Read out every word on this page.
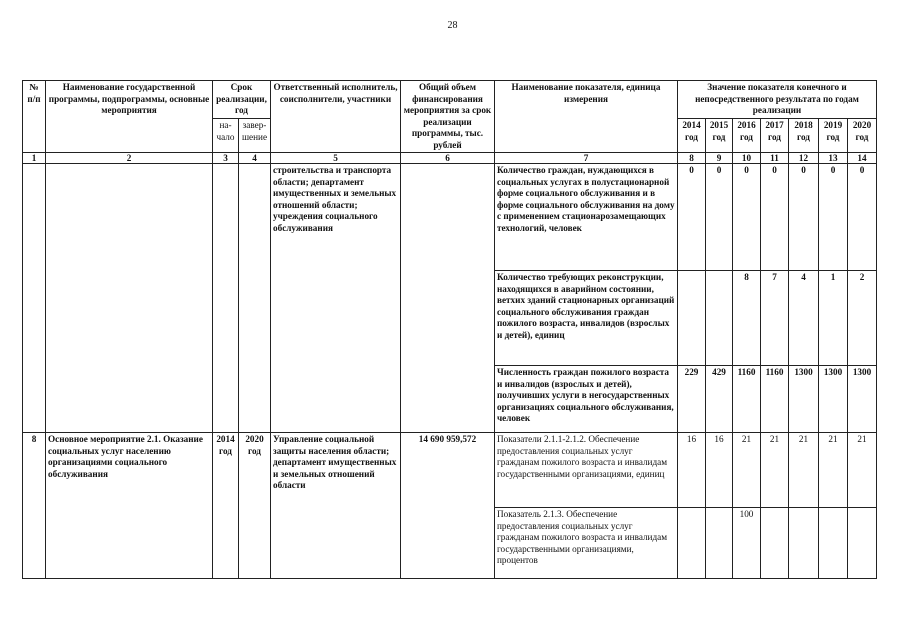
28
№ п/п	Наименование государственной программы, подпрограммы, основные мероприятия	Срок реализации, год		Ответственный исполнитель, соисполнители, участники	Общий объем финансирования мероприятия за срок реализации программы, тыс. рублей	Наименование показателя, единица измерения	Значение показателя конечного и непосредственного результата по годам реализации						
		на-чало	завер-шение				2014 год	2015 год	2016 год	2017 год	2018 год	2019 год	2020 год
1	2	3	4	5	6	7	8	9	10	11	12	13	14
				строительства и транспорта области; департамент имущественных и земельных отношений области; учреждения социального обслуживания		Количество граждан, нуждающихся в социальных услугах в полустационарной форме социального обслуживания и в форме социального обслуживания на дому с применением стационарозамещающих технологий, человек	0	0	0	0	0	0	0
						Количество требующих реконструкции, находящихся в аварийном состоянии, ветхих зданий стационарных организаций социального обслуживания граждан пожилого возраста, инвалидов (взрослых и детей), единиц			8	7	4	1	2
						Численность граждан пожилого возраста и инвалидов (взрослых и детей), получивших услуги в негосударственных организациях социального обслуживания, человек	229	429	1160	1160	1300	1300	1300
8	Основное мероприятие 2.1. Оказание социальных услуг населению организациями социального обслуживания	2014 год	2020 год	Управление социальной защиты населения области; департамент имущественных и земельных отношений области	14 690 959,572	Показатели 2.1.1-2.1.2. Обеспечение предоставления социальных услуг гражданам пожилого возраста и инвалидам государственными организациями, единиц	16	16	21	21	21	21	21
						Показатель 2.1.3. Обеспечение предоставления социальных услуг гражданам пожилого возраста и инвалидам государственными организациями, процентов			100				
